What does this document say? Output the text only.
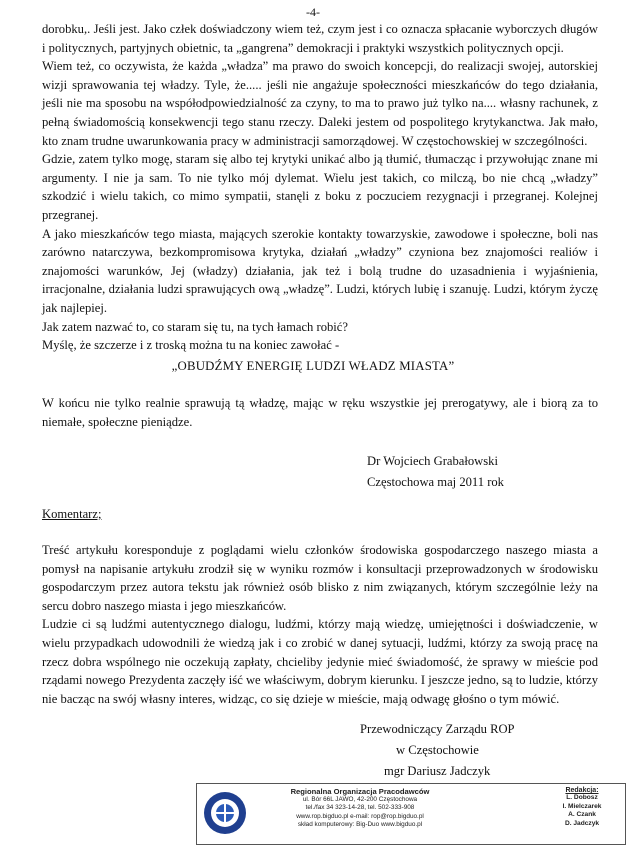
-4-

dorobku,. Jeśli jest. Jako człek doświadczony wiem też, czym jest i co oznacza spłacanie wyborczych długów i politycznych, partyjnych obietnic, ta „gangrena” demokracji i praktyki wszystkich politycznych opcji.

Wiem też, co oczywista, że każda „władza” ma prawo do swoich koncepcji, do realizacji swojej, autorskiej wizji sprawowania tej władzy. Tyle, że..... jeśli nie angażuje społeczności mieszkańców do tego działania, jeśli nie ma sposobu na współodpowiedzialność za czyny, to ma to prawo już tylko na.... własny rachunek, z pełną świadomością konsekwencji tego stanu rzeczy. Daleki jestem od pospolitego krytykanctwa. Jak mało, kto znam trudne uwarunkowania pracy w administracji samorządowej. W częstochowskiej w szczególności.

Gdzie, zatem tylko mogę, staram się albo tej krytyki unikać albo ją tłumić, tłumacząc i przywołując znane mi argumenty. I nie ja sam. To nie tylko mój dylemat. Wielu jest takich, co milczą, bo nie chcą „władzy” szkodzić i wielu takich, co mimo sympatii, stanęli z boku z poczuciem rezygnacji i przegranej. Kolejnej przegranej.

A jako mieszkańców tego miasta, mających szerokie kontakty towarzyskie, zawodowe i społeczne, boli nas zarówno natarczywa, bezkompromisowa krytyka, działań „władzy” czyniona bez znajomości realiów i znajomości warunków, Jej (władzy) działania, jak też i bolą trudne do uzasadnienia i wyjaśnienia, irracjonalne, działania ludzi sprawujących ową „władzę”. Ludzi, których lubię i szanuję. Ludzi, którym życzę jak najlepiej.

Jak zatem nazwać to, co staram się tu, na tych łamach robić?

Myślę, że szczerze i z troską można tu na koniec zawołać -

„OBUDŹMY ENERGIĘ LUDZI WŁADZ MIASTA”

W końcu nie tylko realnie sprawują tą władzę, mając w ręku wszystkie jej prerogatywy, ale i biorą za to niemałe, społeczne pieniądze.

Dr Wojciech Grabałowski
Częstochowa maj 2011 rok
Komentarz;

Treść artykułu koresponduje z poglądami wielu członków środowiska gospodarczego naszego miasta a pomysł na napisanie artykułu zrodził się w wyniku rozmów i konsultacji przeprowadzonych w środowisku gospodarczym przez autora tekstu jak również osób blisko z nim związanych, którym szczególnie leży na sercu dobro naszego miasta i jego mieszkańców.

Ludzie ci są ludźmi autentycznego dialogu, ludźmi, którzy mają wiedzę, umiejętności i doświadczenie, w wielu przypadkach udowodnili że wiedzą jak i co zrobić w danej sytuacji, ludźmi, którzy za swoją pracę na rzecz dobra wspólnego nie oczekują zapłaty, chcieliby jedynie mieć świadomość, że sprawy w mieście pod rządami nowego Prezydenta zaczęły iść we właściwym, dobrym kierunku. I jeszcze jedno, są to ludzie, którzy nie bacząc na swój własny interes, widząc, co się dzieje w mieście, mają odwagę głośno o tym mówić.

Przewodniczący Zarządu ROP
w Częstochowie
mgr Dariusz Jadczyk
Regionalna Organizacja Pracodawców
ul. Bór 66L JAWO, 42-200 Częstochowa
tel./fax 34 323-14-28, tel. 502-333-908
www.rop.bigduo.pl e-mail: rop@rop.bigduo.pl
skład komputerowy: Big-Duo www.bigduo.pl
Redakcja:
L. Dobosz
I. Mielczarek
A. Czank
D. Jadczyk
